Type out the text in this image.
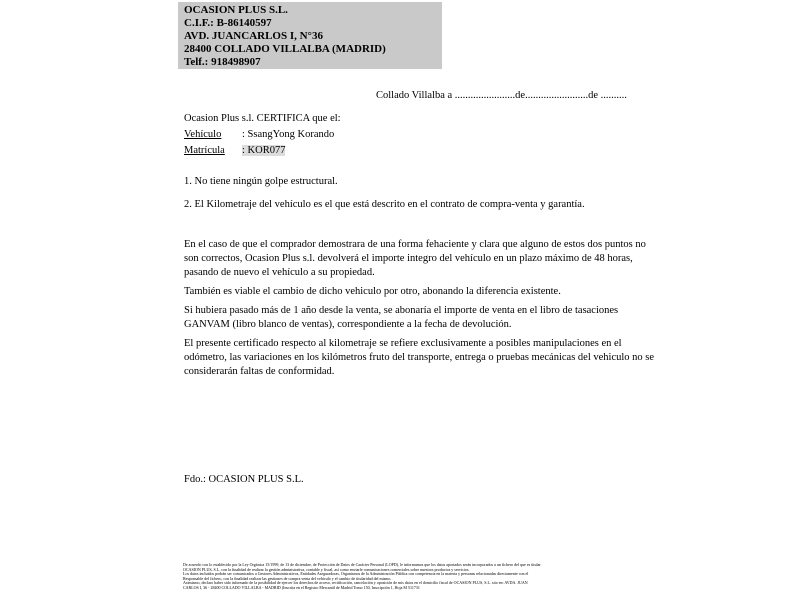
OCASION PLUS S.L.
C.I.F.: B-86140597
AVD. JUANCARLOS I, N°36
28400 COLLADO VILLALBA (MADRID)
Telf.: 918498907
Collado Villalba a .......................de........................de ..........
Ocasion Plus s.l. CERTIFICA que el:
Vehículo : SsangYong Korando
Matrícula : KOR077
1. No tiene ningún golpe estructural.
2. El Kilometraje del vehículo es el que está descrito en el contrato de compra-venta y garantía.
En el caso de que el comprador demostrara de una forma fehaciente y clara que alguno de estos dos puntos no son correctos, Ocasion Plus s.l. devolverá el importe integro del vehículo en un plazo máximo de 48 horas, pasando de nuevo el vehículo a su propiedad.
También es viable el cambio de dicho vehiculo por otro, abonando la diferencia existente.
Si hubiera pasado más de 1 año desde la venta, se abonaría el importe de venta en el libro de tasaciones GANVAM (libro blanco de ventas), correspondiente a la fecha de devolución.
El presente certificado respecto al kilometraje se refiere exclusivamente a posibles manipulaciones en el odómetro, las variaciones en los kilómetros fruto del transporte, entrega o pruebas mecánicas del vehiculo no se considerarán faltas de conformidad.
Fdo.: OCASION PLUS S.L.
De acuerdo con lo establecido por la Ley Orgánica 15/1999, de 13 de diciembre, de Protección de Datos de Carácter Personal (LOPD), le informamos que los datos aportados serán incorporados a un fichero del que es titular
OCASIÓN PLUS, S.L. con la finalidad de realizar la gestión administrativa, contable y fiscal, así como enviarle comunicaciones comerciales sobre nuestros productos y servicios.
Los datos incluidos podrán ser comunicados a Gestores Administrativos, Entidades Aseguradoras, Organismos de la Administración Pública con competencia en la materia y personas relacionadas directamente con el
Responsable del fichero, con la finalidad realizar las gestiones de compra venta del vehículo y el cambio de titularidad del mismo.
Asimismo, declaro haber sido informado de la posibilidad de ejercer los derechos de acceso, rectificación, cancelación y oposición de mis datos en el domicilio fiscal de OCASIÓN PLUS, S.L. sito en: AVDA. JUAN
CARLOS I, 36 - 28400 COLLADO VILLALBA - MADRID (Inscrita en el Registro Mercantil de Madrid Tomo 150, Inscripción 1, Hoja M 511731
